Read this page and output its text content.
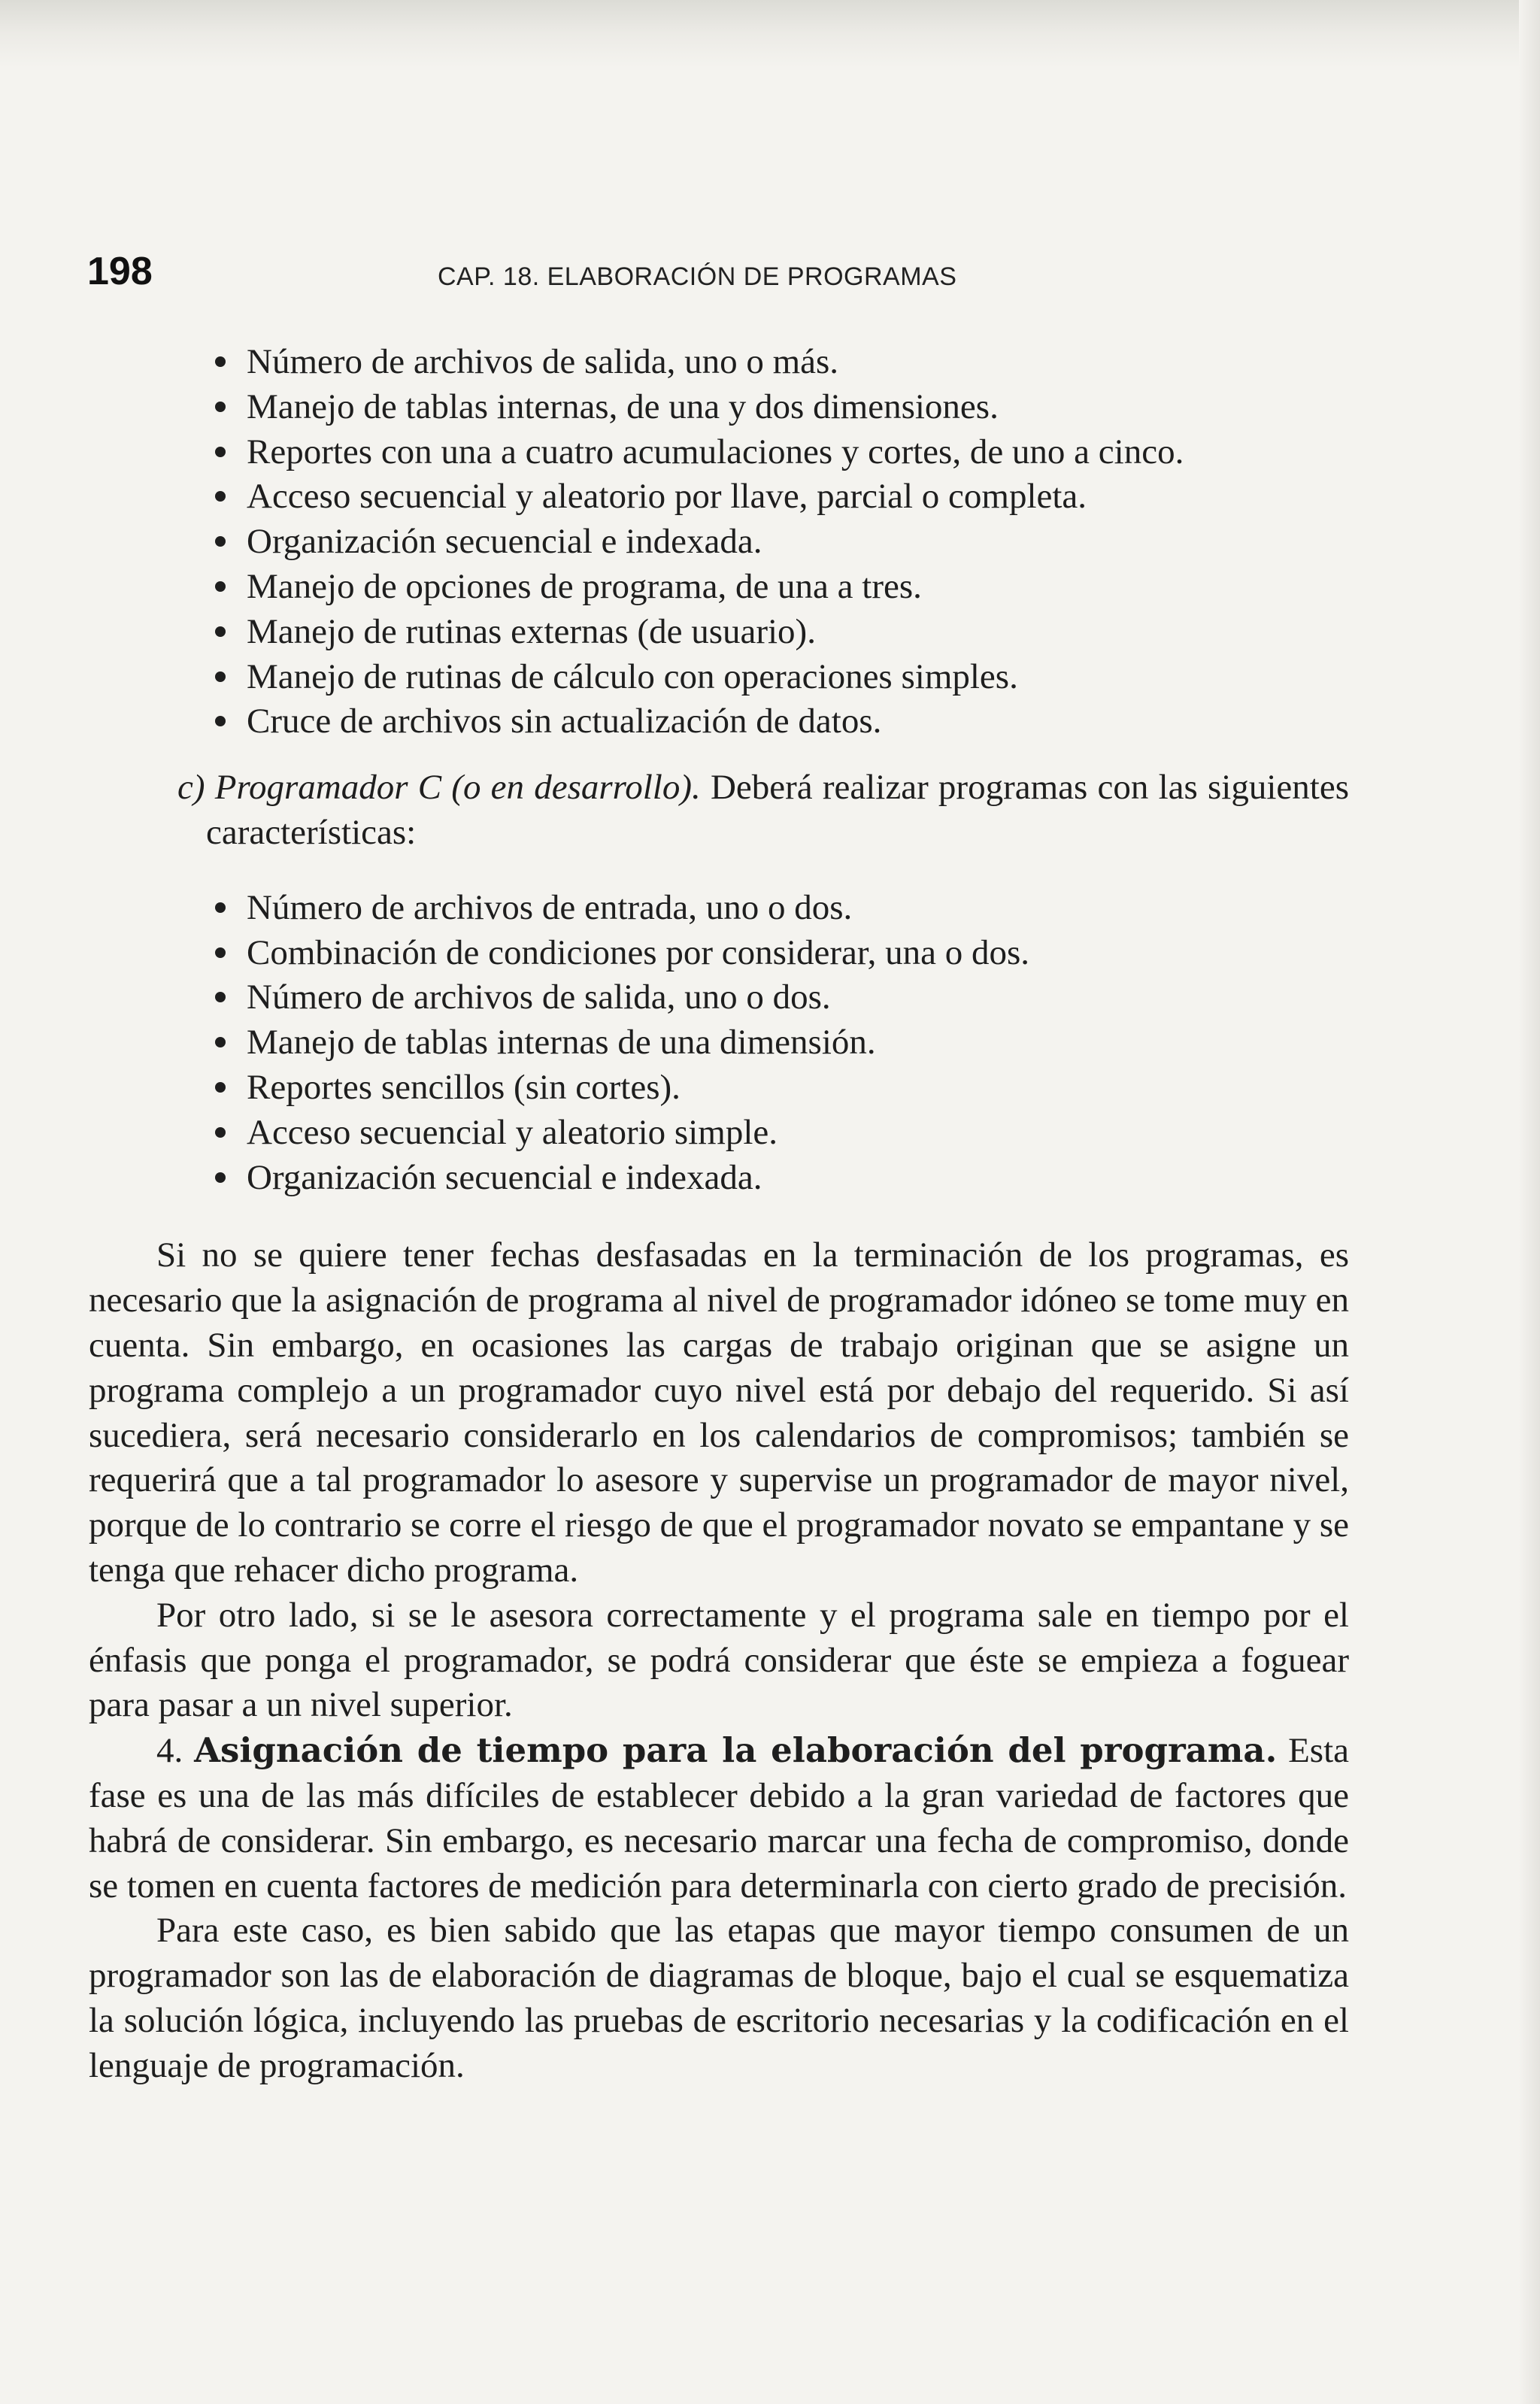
198	CAP. 18. ELABORACIÓN DE PROGRAMAS
Número de archivos de salida, uno o más.
Manejo de tablas internas, de una y dos dimensiones.
Reportes con una a cuatro acumulaciones y cortes, de uno a cinco.
Acceso secuencial y aleatorio por llave, parcial o completa.
Organización secuencial e indexada.
Manejo de opciones de programa, de una a tres.
Manejo de rutinas externas (de usuario).
Manejo de rutinas de cálculo con operaciones simples.
Cruce de archivos sin actualización de datos.
c) Programador C (o en desarrollo). Deberá realizar programas con las siguientes características:
Número de archivos de entrada, uno o dos.
Combinación de condiciones por considerar, una o dos.
Número de archivos de salida, uno o dos.
Manejo de tablas internas de una dimensión.
Reportes sencillos (sin cortes).
Acceso secuencial y aleatorio simple.
Organización secuencial e indexada.

Si no se quiere tener fechas desfasadas en la terminación de los programas, es necesario que la asignación de programa al nivel de programador idóneo se tome muy en cuenta. Sin embargo, en ocasiones las cargas de trabajo originan que se asigne un programa complejo a un programador cuyo nivel está por debajo del requerido. Si así sucediera, será necesario considerarlo en los calendarios de compromisos; también se requerirá que a tal programador lo asesore y supervise un programador de mayor nivel, porque de lo contrario se corre el riesgo de que el programador novato se empantane y se tenga que rehacer dicho programa.

Por otro lado, si se le asesora correctamente y el programa sale en tiempo por el énfasis que ponga el programador, se podrá considerar que éste se empieza a foguear para pasar a un nivel superior.

4. Asignación de tiempo para la elaboración del programa. Esta fase es una de las más difíciles de establecer debido a la gran variedad de factores que habrá de considerar. Sin embargo, es necesario marcar una fecha de compromiso, donde se tomen en cuenta factores de medición para determinarla con cierto grado de precisión.

Para este caso, es bien sabido que las etapas que mayor tiempo consumen de un programador son las de elaboración de diagramas de bloque, bajo el cual se esquematiza la solución lógica, incluyendo las pruebas de escritorio necesarias y la codificación en el lenguaje de programación.
